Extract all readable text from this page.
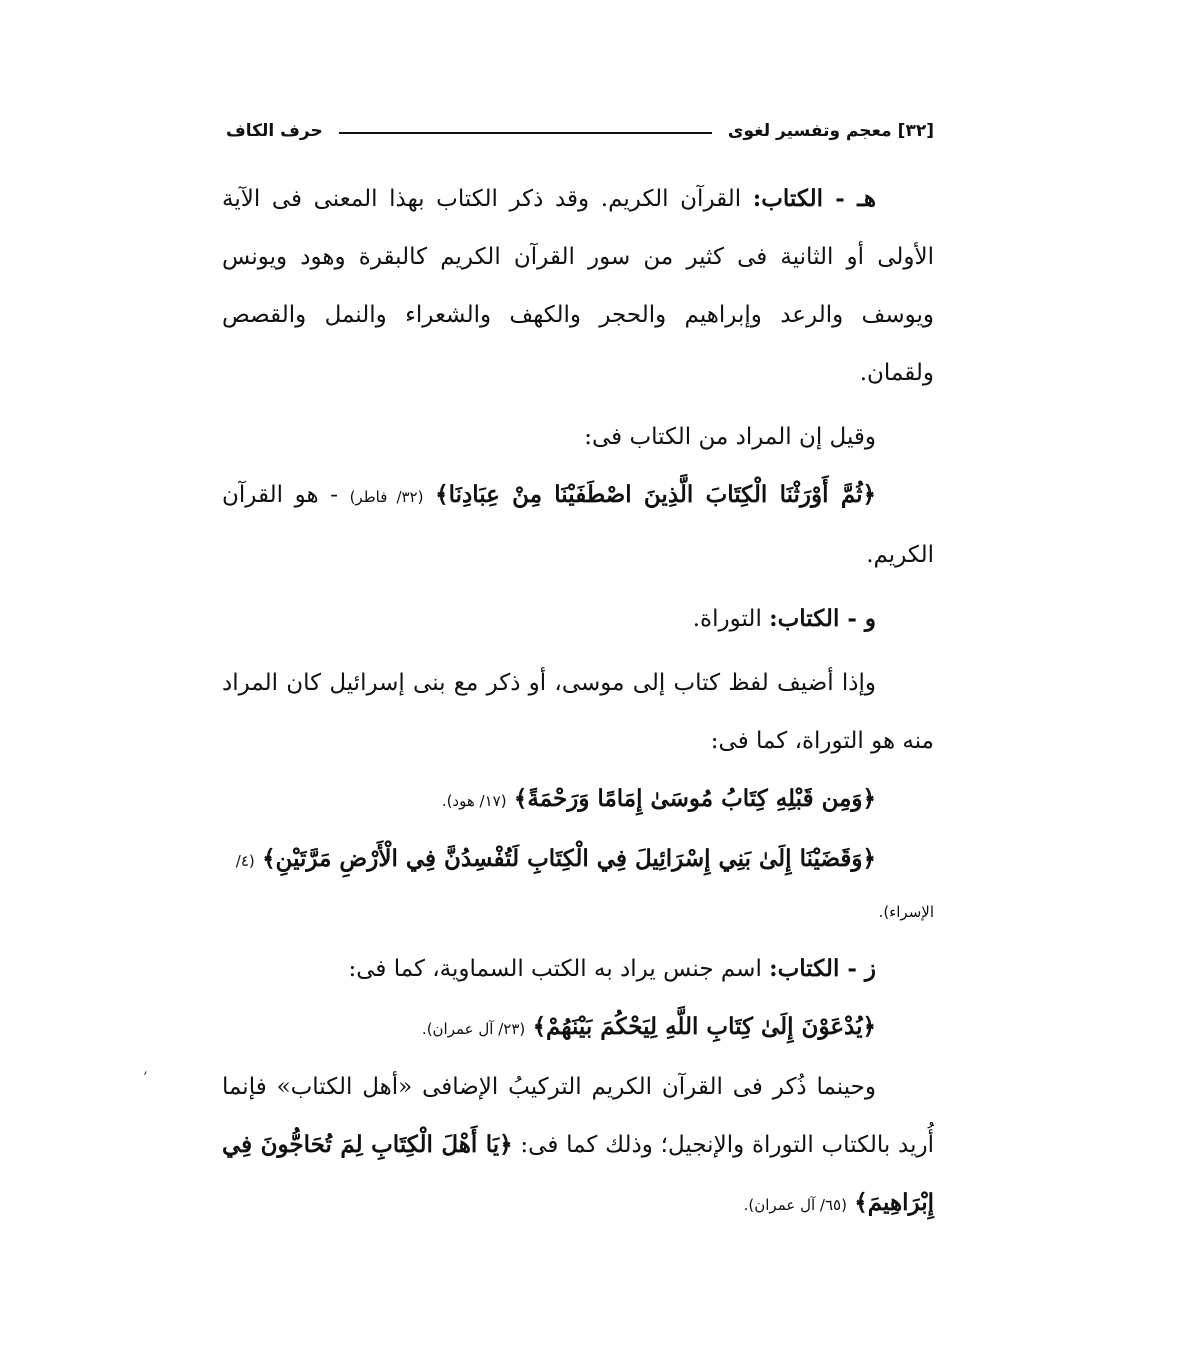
[٣٢]
معجم وتفسير لغوى
حرف الكاف

هـ - الكتاب: القرآن الكريم. وقد ذكر الكتاب بهذا المعنى فى الآية الأولى أو الثانية فى كثير من سور القرآن الكريم كالبقرة وهود ويونس ويوسف والرعد وإبراهيم والحجر والكهف والشعراء والنمل والقصص ولقمان.

وقيل إن المراد من الكتاب فى:

﴿ثُمَّ أَوْرَثْنَا الْكِتَابَ الَّذِينَ اصْطَفَيْنَا مِنْ عِبَادِنَا﴾ (٣٢/ فاطر) - هو القرآن الكريم.

و - الكتاب: التوراة.

وإذا أضيف لفظ كتاب إلى موسى، أو ذكر مع بنى إسرائيل كان المراد منه هو التوراة، كما فى:

﴿وَمِن قَبْلِهِ كِتَابُ مُوسَىٰ إِمَامًا وَرَحْمَةً﴾ (١٧/ هود).

﴿وَقَضَيْنَا إِلَىٰ بَنِي إِسْرَائِيلَ فِي الْكِتَابِ لَتُفْسِدُنَّ فِي الْأَرْضِ مَرَّتَيْنِ﴾ (٤/

الإسراء).

ز - الكتاب: اسم جنس يراد به الكتب السماوية، كما فى:

﴿يُدْعَوْنَ إِلَىٰ كِتَابِ اللَّهِ لِيَحْكُمَ بَيْنَهُمْ﴾ (٢٣/ آل عمران).

وحينما ذُكر فى القرآن الكريم التركيبُ الإضافى «أهل الكتاب» فإنما أُريد بالكتاب التوراة والإنجيل؛ وذلك كما فى: ﴿يَا أَهْلَ الْكِتَابِ لِمَ تُحَاجُّونَ فِي إِبْرَاهِيمَ﴾ (٦٥/ آل عمران).

’
